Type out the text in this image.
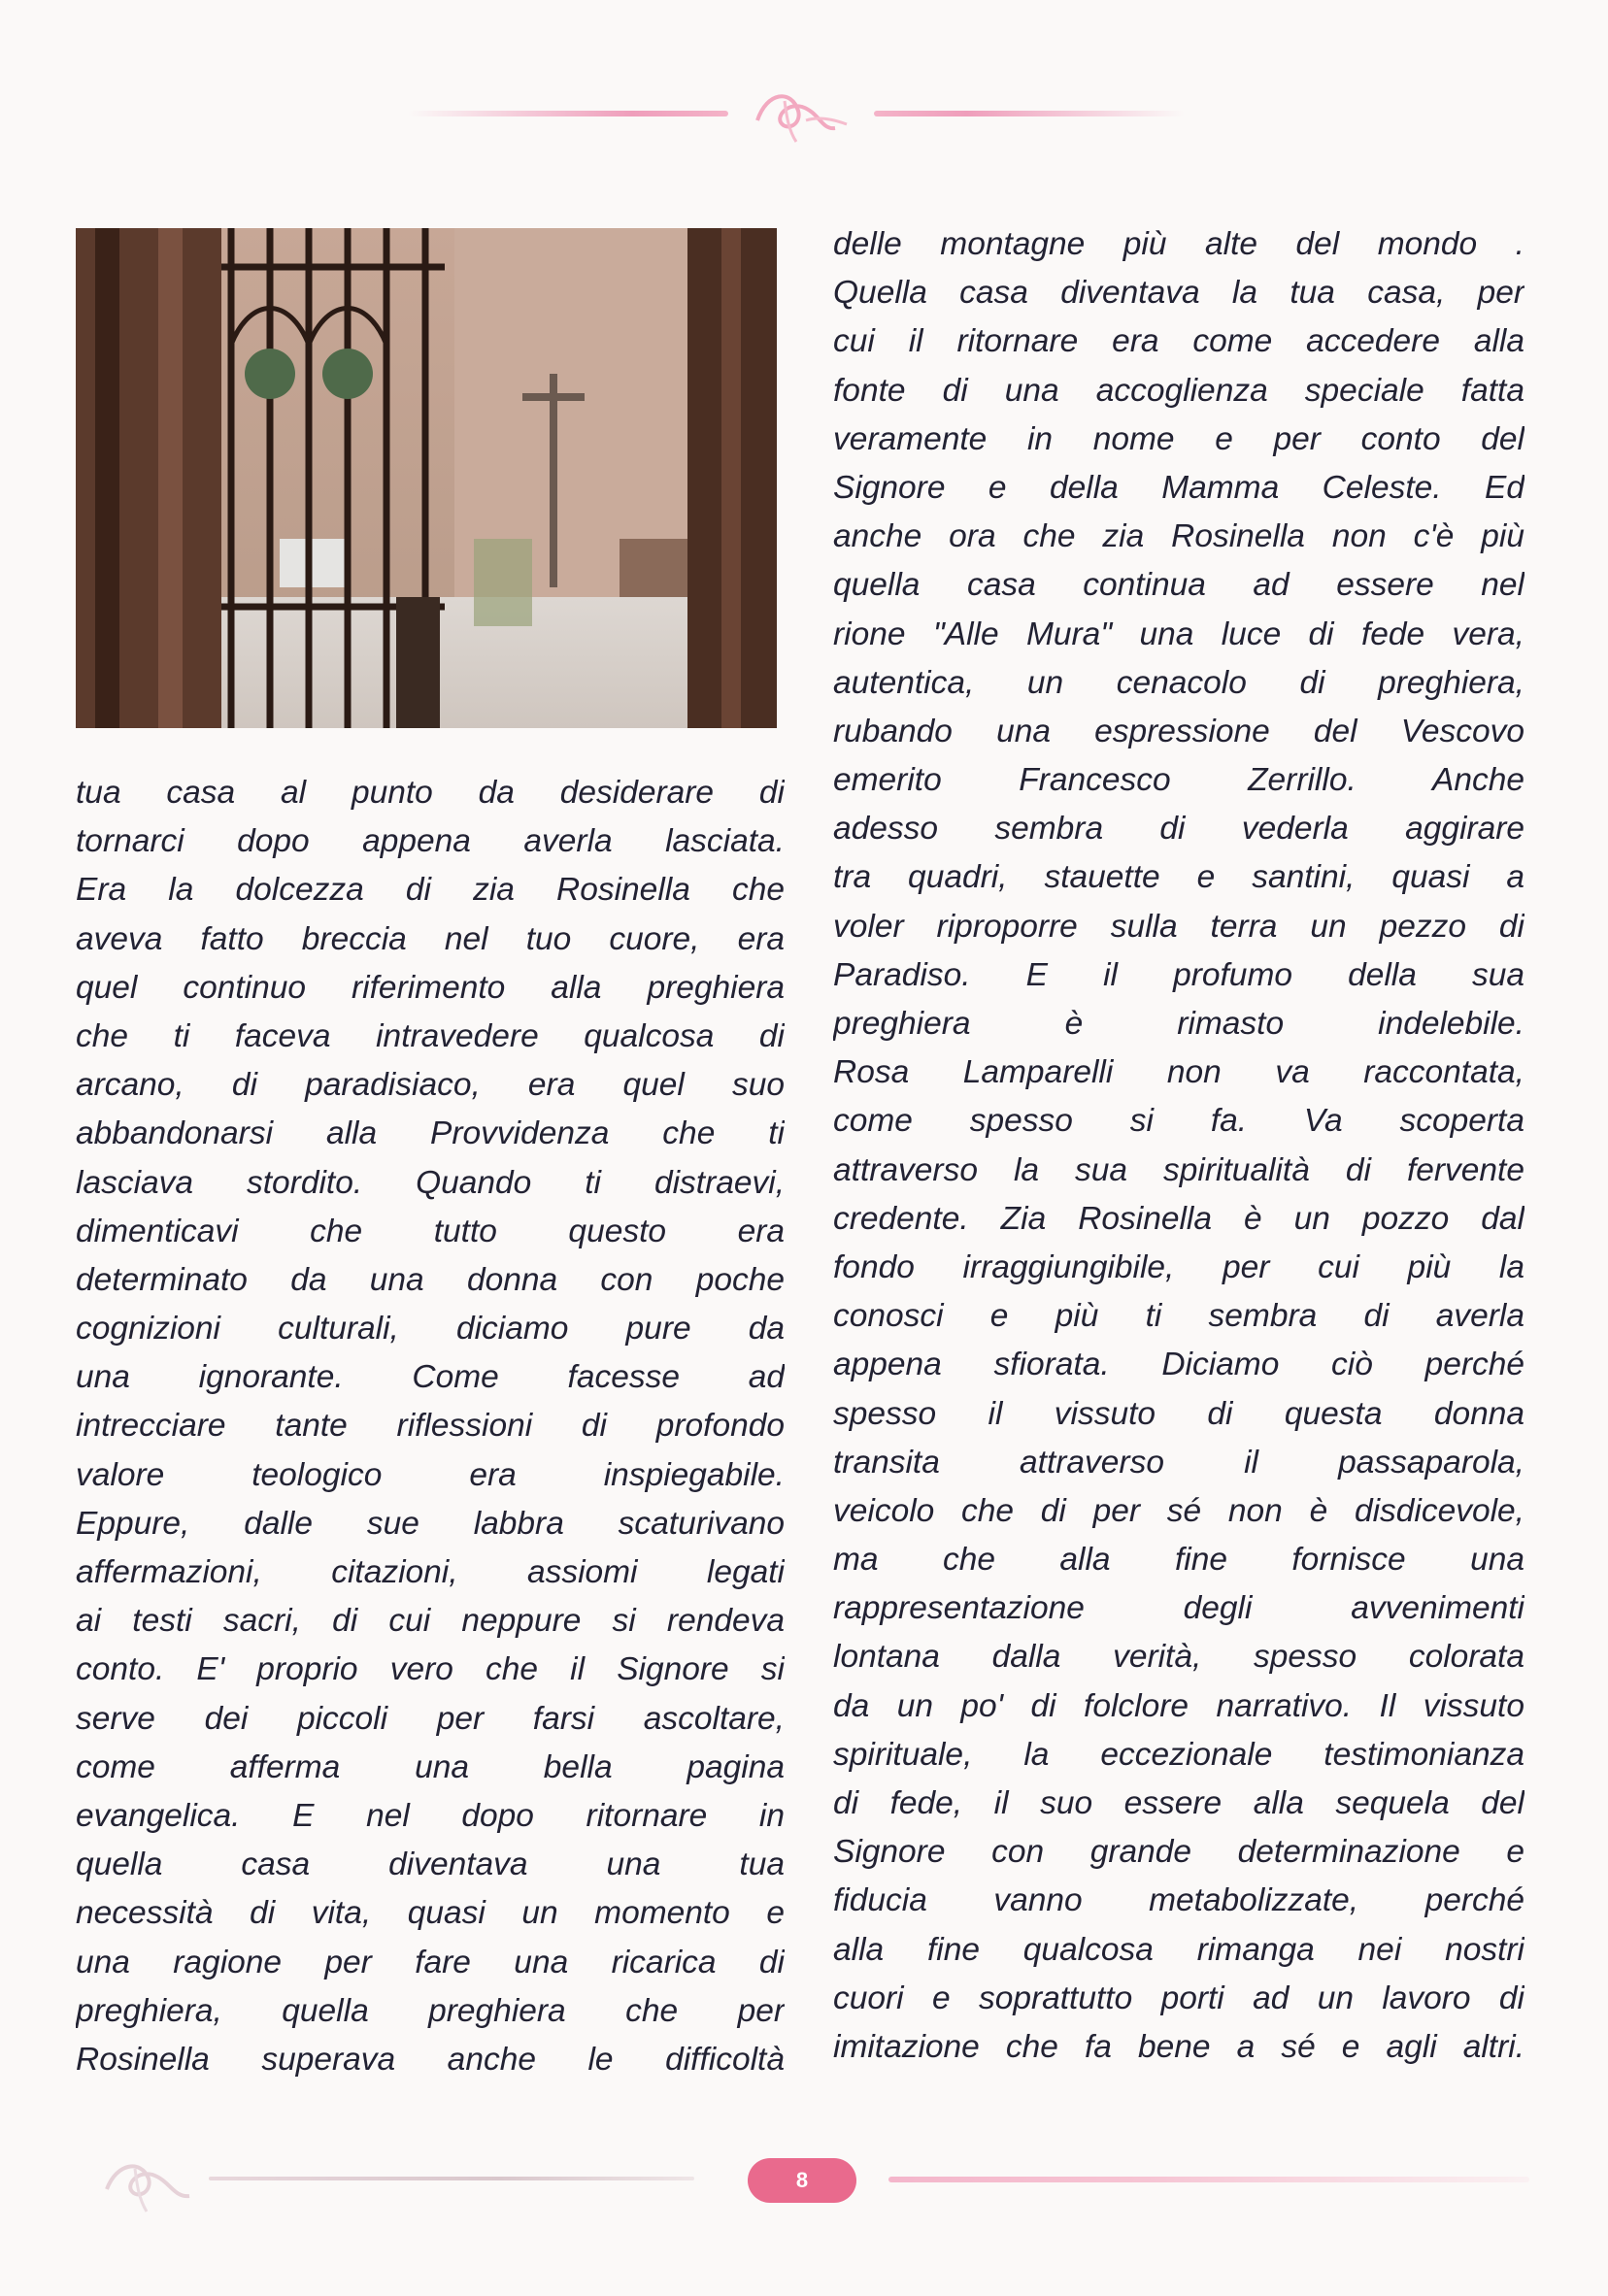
tua casa al punto da desiderare di

tornarci dopo appena averla lasciata.

Era la dolcezza di zia Rosinella che

aveva fatto breccia nel tuo cuore, era

quel continuo riferimento alla preghiera

che ti faceva intravedere qualcosa di

arcano, di paradisiaco, era quel suo

abbandonarsi alla Provvidenza che ti

lasciava stordito. Quando ti distraevi,

dimenticavi che tutto questo era

determinato da una donna con poche

cognizioni culturali, diciamo pure da

una ignorante. Come facesse ad

intrecciare tante riflessioni di profondo

valore teologico era inspiegabile.

Eppure, dalle sue labbra scaturivano

affermazioni, citazioni, assiomi legati

ai testi sacri, di cui neppure si rendeva

conto. E' proprio vero che il Signore si

serve dei piccoli per farsi ascoltare,

come afferma una bella pagina

evangelica. E nel dopo ritornare in

quella casa diventava una tua

necessità di vita, quasi un momento e

una ragione per fare una ricarica di

preghiera, quella preghiera che per

Rosinella superava anche le difficoltà

delle montagne più alte del mondo .

Quella casa diventava la tua casa, per

cui il ritornare era come accedere alla

fonte di una accoglienza speciale fatta

veramente in nome e per conto del

Signore e della Mamma Celeste. Ed

anche ora che zia Rosinella non c'è più

quella casa continua ad essere nel

rione "Alle Mura" una luce di fede vera,

autentica, un cenacolo di preghiera,

rubando una espressione del Vescovo

emerito Francesco Zerrillo. Anche

adesso sembra di vederla aggirare

tra quadri, stauette e santini, quasi a

voler riproporre sulla terra un pezzo di

Paradiso. E il profumo della sua

preghiera è rimasto indelebile.

Rosa Lamparelli non va raccontata,

come spesso si fa. Va scoperta

attraverso la sua spiritualità di fervente

credente. Zia Rosinella è un pozzo dal

fondo irraggiungibile, per cui più la

conosci e più ti sembra di averla

appena sfiorata. Diciamo ciò perché

spesso il vissuto di questa donna

transita attraverso il passaparola,

veicolo che di per sé non è disdicevole,

ma che alla fine fornisce una

rappresentazione degli avvenimenti

lontana dalla verità, spesso colorata

da un po' di folclore narrativo. Il vissuto

spirituale, la eccezionale testimonianza

di fede, il suo essere alla sequela del

Signore con grande determinazione e

fiducia vanno metabolizzate, perché

alla fine qualcosa rimanga nei nostri

cuori e soprattutto porti ad un lavoro di

imitazione che fa bene a sé e agli altri.

8
